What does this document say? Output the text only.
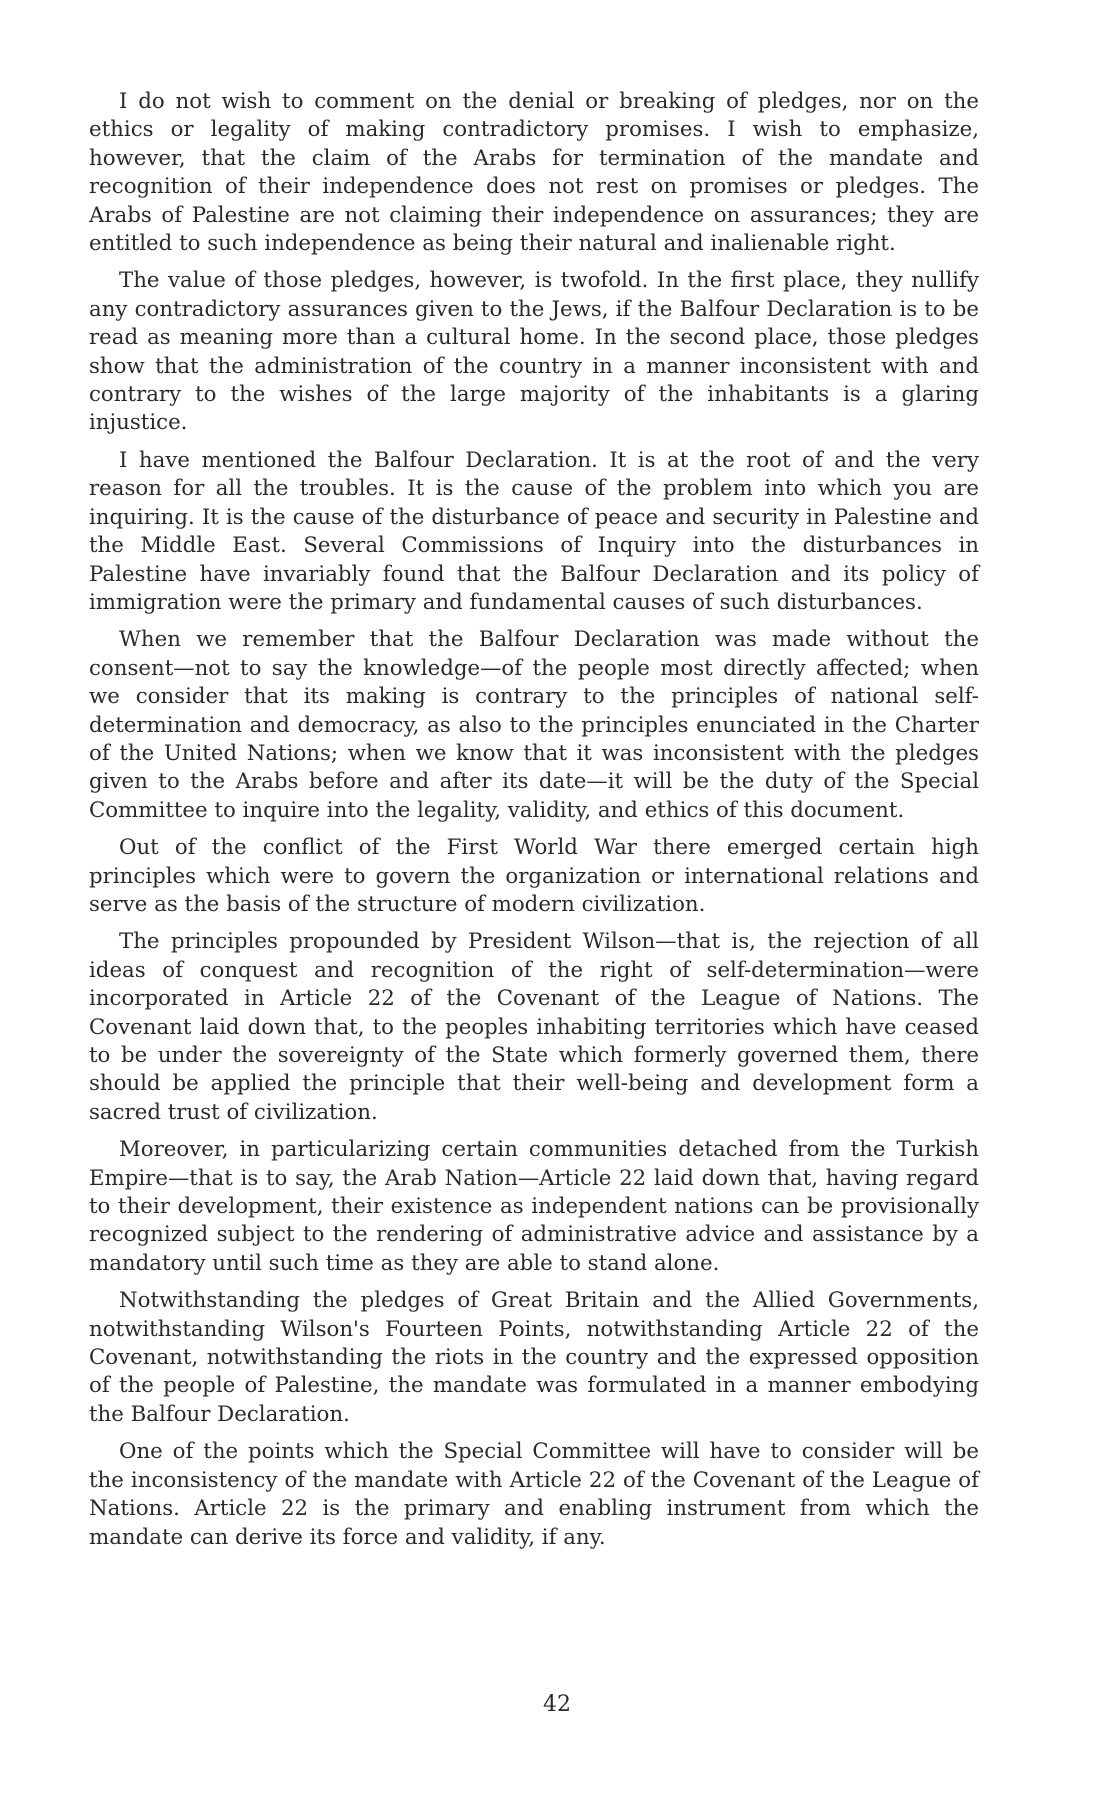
I do not wish to comment on the denial or breaking of pledges, nor on the ethics or legality of making contradictory promises. I wish to emphasize, however, that the claim of the Arabs for termination of the mandate and recognition of their independence does not rest on promises or pledges. The Arabs of Palestine are not claiming their independence on assurances; they are entitled to such independence as being their natural and inalienable right.

The value of those pledges, however, is twofold. In the first place, they nullify any contradictory assurances given to the Jews, if the Balfour Declaration is to be read as meaning more than a cultural home. In the second place, those pledges show that the administration of the country in a manner inconsistent with and contrary to the wishes of the large majority of the inhabitants is a glaring injustice.

I have mentioned the Balfour Declaration. It is at the root of and the very reason for all the troubles. It is the cause of the problem into which you are inquiring. It is the cause of the disturbance of peace and security in Palestine and the Middle East. Several Commissions of Inquiry into the disturbances in Palestine have invariably found that the Balfour Declaration and its policy of immigration were the primary and fundamental causes of such disturbances.

When we remember that the Balfour Declaration was made without the consent—not to say the knowledge—of the people most directly affected; when we consider that its making is contrary to the principles of national self-determination and democracy, as also to the principles enunciated in the Charter of the United Nations; when we know that it was inconsistent with the pledges given to the Arabs before and after its date—it will be the duty of the Special Committee to inquire into the legality, validity, and ethics of this document.

Out of the conflict of the First World War there emerged certain high principles which were to govern the organization or international relations and serve as the basis of the structure of modern civilization.

The principles propounded by President Wilson—that is, the rejection of all ideas of conquest and recognition of the right of self-determination—were incorporated in Article 22 of the Covenant of the League of Nations. The Covenant laid down that, to the peoples inhabiting territories which have ceased to be under the sovereignty of the State which formerly governed them, there should be applied the principle that their well-being and development form a sacred trust of civilization.

Moreover, in particularizing certain communities detached from the Turkish Empire—that is to say, the Arab Nation—Article 22 laid down that, having regard to their development, their existence as independent nations can be provisionally recognized subject to the rendering of administrative advice and assistance by a mandatory until such time as they are able to stand alone.

Notwithstanding the pledges of Great Britain and the Allied Governments, notwithstanding Wilson's Fourteen Points, notwithstanding Article 22 of the Covenant, notwithstanding the riots in the country and the expressed opposition of the people of Palestine, the mandate was formulated in a manner embodying the Balfour Declaration.

One of the points which the Special Committee will have to consider will be the inconsistency of the mandate with Article 22 of the Covenant of the League of Nations. Article 22 is the primary and enabling instrument from which the mandate can derive its force and validity, if any.

42
